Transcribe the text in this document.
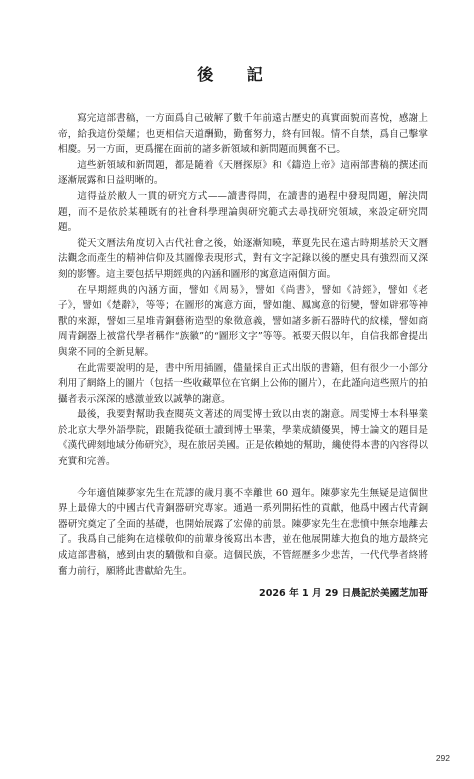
後 記

寫完這部書稿，一方面爲自己破解了數千年前遠古歷史的真實面貌而喜悅，感謝上帝，給我這份榮耀；也更相信天道酬勤，勤奮努力，終有回報。情不自禁，爲自己擊掌相慶。另一方面，更爲擺在面前的諸多新領域和新問題而興奮不已。

這些新領域和新問題，都是隨着《天曆探原》和《鑄造上帝》這兩部書稿的撰述而逐漸展露和日益明晰的。

這得益於敝人一貫的研究方式——讀書得問，在讀書的過程中發現問題，解決問題，而不是依於某種既有的社會科學理論與研究範式去尋找研究領域，來設定研究問題。

從天文曆法角度切入古代社會之後，始逐漸知曉，華夏先民在遠古時期基於天文曆法觀念而產生的精神信仰及其圖像表現形式，對有文字記錄以後的歷史具有強烈而又深刻的影響。這主要包括早期經典的內涵和圖形的寓意這兩個方面。

在早期經典的內涵方面，譬如《周易》，譬如《尚書》，譬如《詩經》，譬如《老子》，譬如《楚辭》，等等；在圖形的寓意方面，譬如龍、鳳寓意的衍變，譬如辟邪等神獸的來源，譬如三星堆青銅藝術造型的象徵意義，譬如諸多新石器時代的紋樣，譬如商周青銅器上被當代學者稱作“族徽”的“圖形文字”等等。衹要天假以年，自信我都會提出與衆不同的全新見解。

在此需要說明的是，書中所用插圖，儘量採自正式出版的書籍，但有很少一小部分利用了網絡上的圖片（包括一些收藏單位在官網上公佈的圖片），在此謹向這些照片的拍攝者表示深深的感激並致以誠摯的謝意。

最後，我要對幫助我查閱英文著述的周雯博士致以由衷的謝意。周雯博士本科畢業於北京大學外語學院，跟隨我從碩士讀到博士畢業，學業成績優異，博士論文的題目是《漢代碑刻地域分佈研究》，現在旅居美國。正是依賴她的幫助，纔使得本書的內容得以充實和完善。

今年適值陳夢家先生在荒謬的歲月裏不幸離世 60 週年。陳夢家先生無疑是這個世界上最偉大的中國古代青銅器研究專家。通過一系列開拓性的貢獻，他爲中國古代青銅器研究奠定了全面的基礎，也開始展露了宏偉的前景。陳夢家先生在悲憤中無奈地離去了。我爲自己能夠在這樣敬仰的前輩身後寫出本書，並在他展開雄大抱負的地方最終完成這部書稿，感到由衷的驕傲和自豪。這個民族，不管經歷多少悲苦，一代代學者終將奮力前行，願將此書獻給先生。

2026 年 1 月 29 日晨記於美國芝加哥
292
